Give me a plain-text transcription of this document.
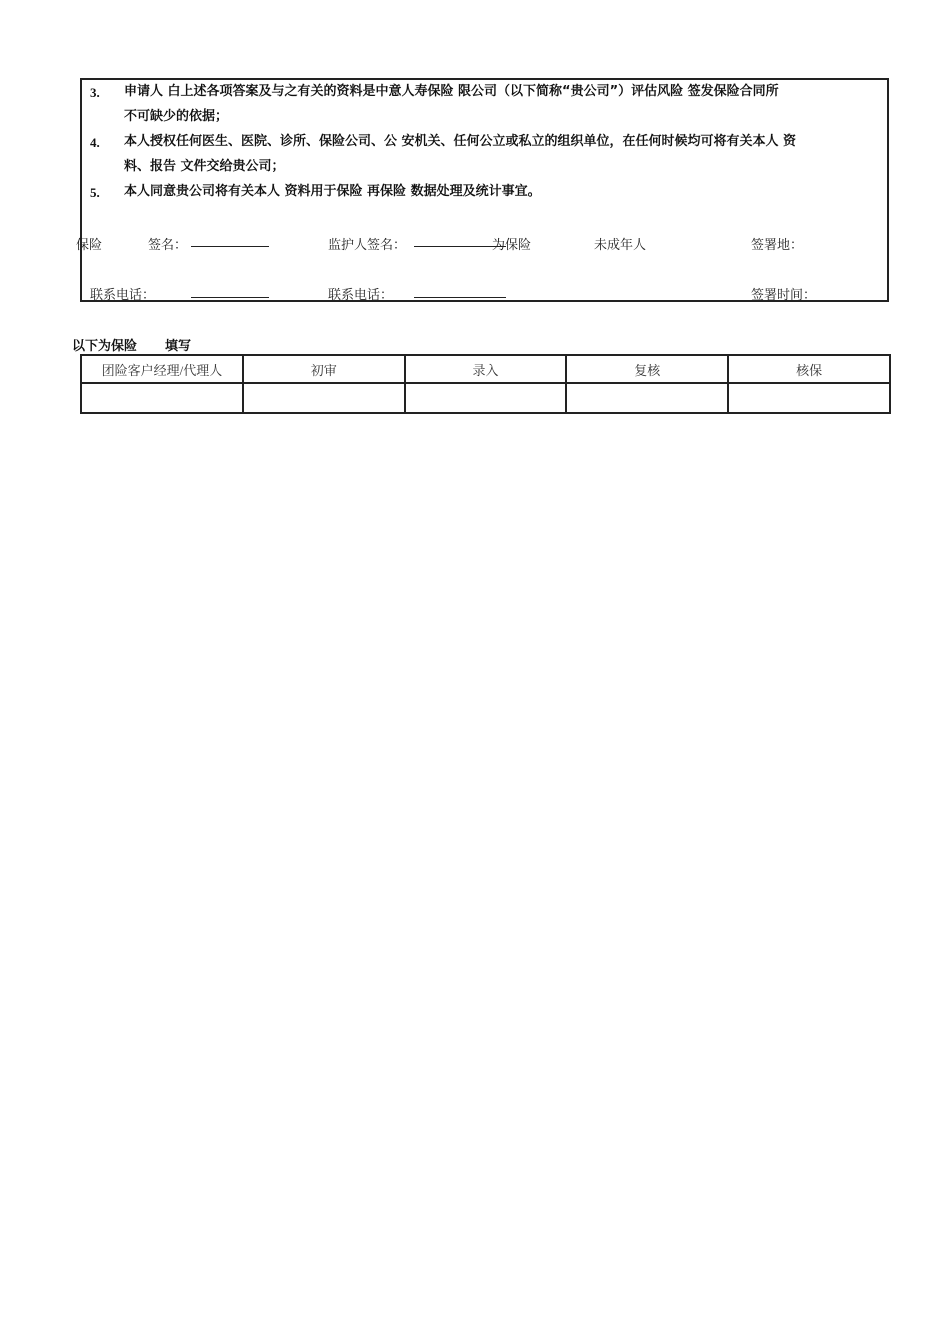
3. 申请人 白上述各项答案及与之有关的资料是中意人寿保险 限公司（以下简称“贵公司”）评估风险 签发保险合同所
不可缺少的依据；
4. 本人授权任何医生、医院、诊所、保险公司、公 安机关、任何公立或私立的组织单位，在任何时候均可将有关本人 资
料、报告 文件交给贵公司；
5. 本人同意贵公司将有关本人 资料用于保险 再保险 数据处理及统计事宜。
保险	签名：	监护人签名：	为保险	未成年人	签署地：
联系电话：	联系电话：	签署时间：
以下为保险 填写
团险客户经理/代理人	初审	录入	复核	核保
